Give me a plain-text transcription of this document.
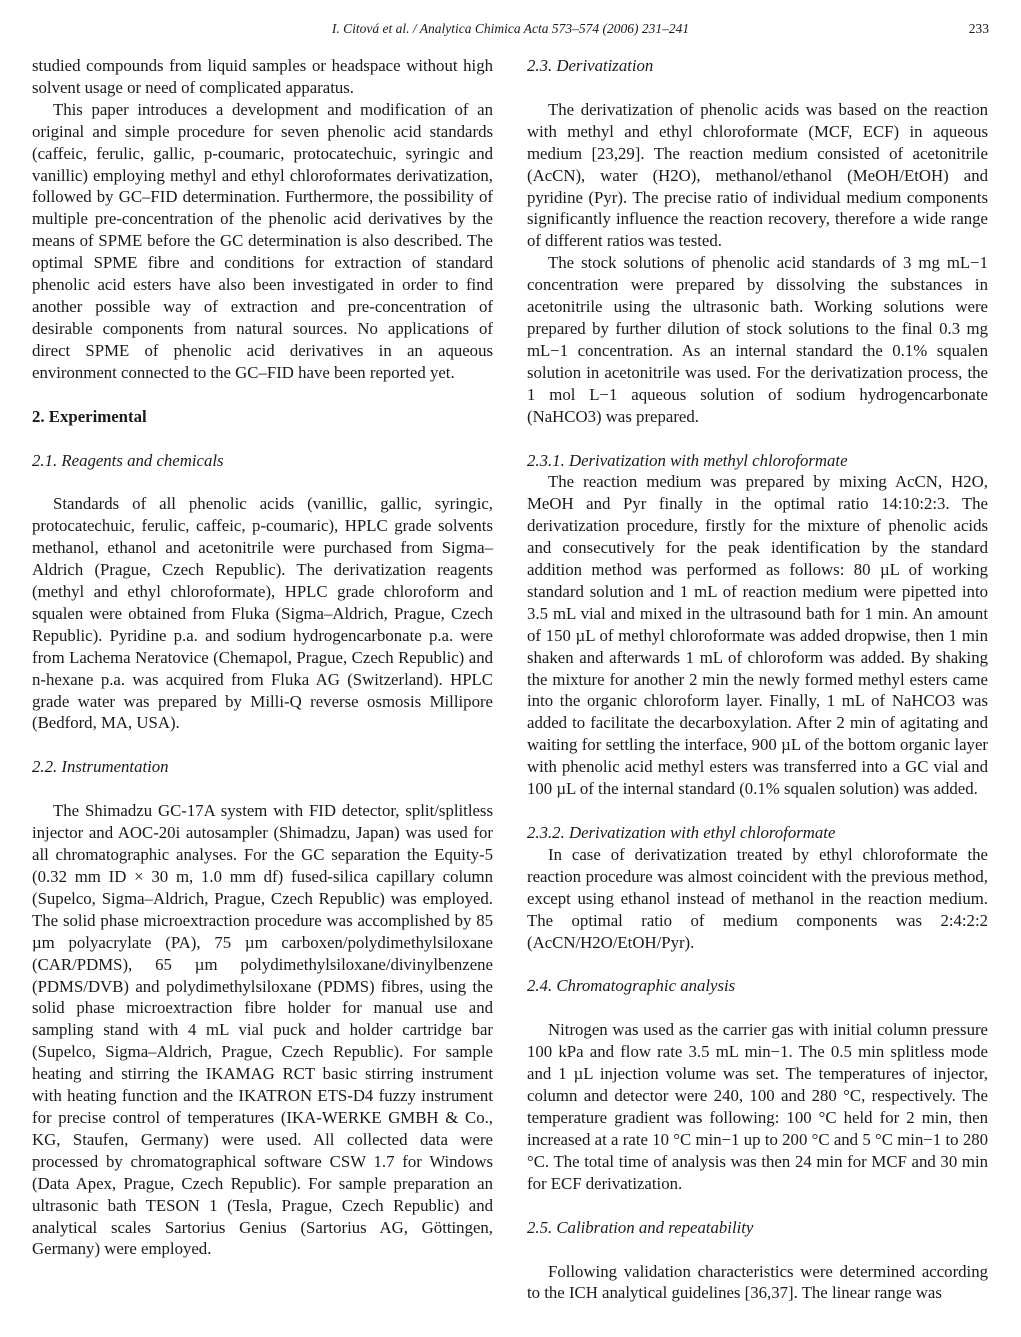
I. Citová et al. / Analytica Chimica Acta 573–574 (2006) 231–241	233

studied compounds from liquid samples or headspace without high solvent usage or need of complicated apparatus.

This paper introduces a development and modification of an original and simple procedure for seven phenolic acid standards (caffeic, ferulic, gallic, p-coumaric, protocatechuic, syringic and vanillic) employing methyl and ethyl chloroformates derivatization, followed by GC–FID determination. Furthermore, the possibility of multiple pre-concentration of the phenolic acid derivatives by the means of SPME before the GC determination is also described. The optimal SPME fibre and conditions for extraction of standard phenolic acid esters have also been investigated in order to find another possible way of extraction and pre-concentration of desirable components from natural sources. No applications of direct SPME of phenolic acid derivatives in an aqueous environment connected to the GC–FID have been reported yet.

2. Experimental
2.1. Reagents and chemicals

Standards of all phenolic acids (vanillic, gallic, syringic, protocatechuic, ferulic, caffeic, p-coumaric), HPLC grade solvents methanol, ethanol and acetonitrile were purchased from Sigma–Aldrich (Prague, Czech Republic). The derivatization reagents (methyl and ethyl chloroformate), HPLC grade chloroform and squalen were obtained from Fluka (Sigma–Aldrich, Prague, Czech Republic). Pyridine p.a. and sodium hydrogencarbonate p.a. were from Lachema Neratovice (Chemapol, Prague, Czech Republic) and n-hexane p.a. was acquired from Fluka AG (Switzerland). HPLC grade water was prepared by Milli-Q reverse osmosis Millipore (Bedford, MA, USA).

2.2. Instrumentation

The Shimadzu GC-17A system with FID detector, split/splitless injector and AOC-20i autosampler (Shimadzu, Japan) was used for all chromatographic analyses. For the GC separation the Equity-5 (0.32 mm ID × 30 m, 1.0 mm df) fused-silica capillary column (Supelco, Sigma–Aldrich, Prague, Czech Republic) was employed. The solid phase microextraction procedure was accomplished by 85 µm polyacrylate (PA), 75 µm carboxen/polydimethylsiloxane (CAR/PDMS), 65 µm polydimethylsiloxane/divinylbenzene (PDMS/DVB) and polydimethylsiloxane (PDMS) fibres, using the solid phase microextraction fibre holder for manual use and sampling stand with 4 mL vial puck and holder cartridge bar (Supelco, Sigma–Aldrich, Prague, Czech Republic). For sample heating and stirring the IKAMAG RCT basic stirring instrument with heating function and the IKATRON ETS-D4 fuzzy instrument for precise control of temperatures (IKA-WERKE GMBH & Co., KG, Staufen, Germany) were used. All collected data were processed by chromatographical software CSW 1.7 for Windows (Data Apex, Prague, Czech Republic). For sample preparation an ultrasonic bath TESON 1 (Tesla, Prague, Czech Republic) and analytical scales Sartorius Genius (Sartorius AG, Göttingen, Germany) were employed.

2.3. Derivatization

The derivatization of phenolic acids was based on the reaction with methyl and ethyl chloroformate (MCF, ECF) in aqueous medium [23,29]. The reaction medium consisted of acetonitrile (AcCN), water (H2O), methanol/ethanol (MeOH/EtOH) and pyridine (Pyr). The precise ratio of individual medium components significantly influence the reaction recovery, therefore a wide range of different ratios was tested.

The stock solutions of phenolic acid standards of 3 mg mL−1 concentration were prepared by dissolving the substances in acetonitrile using the ultrasonic bath. Working solutions were prepared by further dilution of stock solutions to the final 0.3 mg mL−1 concentration. As an internal standard the 0.1% squalen solution in acetonitrile was used. For the derivatization process, the 1 mol L−1 aqueous solution of sodium hydrogencarbonate (NaHCO3) was prepared.

2.3.1. Derivatization with methyl chloroformate

The reaction medium was prepared by mixing AcCN, H2O, MeOH and Pyr finally in the optimal ratio 14:10:2:3. The derivatization procedure, firstly for the mixture of phenolic acids and consecutively for the peak identification by the standard addition method was performed as follows: 80 µL of working standard solution and 1 mL of reaction medium were pipetted into 3.5 mL vial and mixed in the ultrasound bath for 1 min. An amount of 150 µL of methyl chloroformate was added dropwise, then 1 min shaken and afterwards 1 mL of chloroform was added. By shaking the mixture for another 2 min the newly formed methyl esters came into the organic chloroform layer. Finally, 1 mL of NaHCO3 was added to facilitate the decarboxylation. After 2 min of agitating and waiting for settling the interface, 900 µL of the bottom organic layer with phenolic acid methyl esters was transferred into a GC vial and 100 µL of the internal standard (0.1% squalen solution) was added.

2.3.2. Derivatization with ethyl chloroformate

In case of derivatization treated by ethyl chloroformate the reaction procedure was almost coincident with the previous method, except using ethanol instead of methanol in the reaction medium. The optimal ratio of medium components was 2:4:2:2 (AcCN/H2O/EtOH/Pyr).

2.4. Chromatographic analysis

Nitrogen was used as the carrier gas with initial column pressure 100 kPa and flow rate 3.5 mL min−1. The 0.5 min splitless mode and 1 µL injection volume was set. The temperatures of injector, column and detector were 240, 100 and 280 °C, respectively. The temperature gradient was following: 100 °C held for 2 min, then increased at a rate 10 °C min−1 up to 200 °C and 5 °C min−1 to 280 °C. The total time of analysis was then 24 min for MCF and 30 min for ECF derivatization.

2.5. Calibration and repeatability

Following validation characteristics were determined according to the ICH analytical guidelines [36,37]. The linear range was
